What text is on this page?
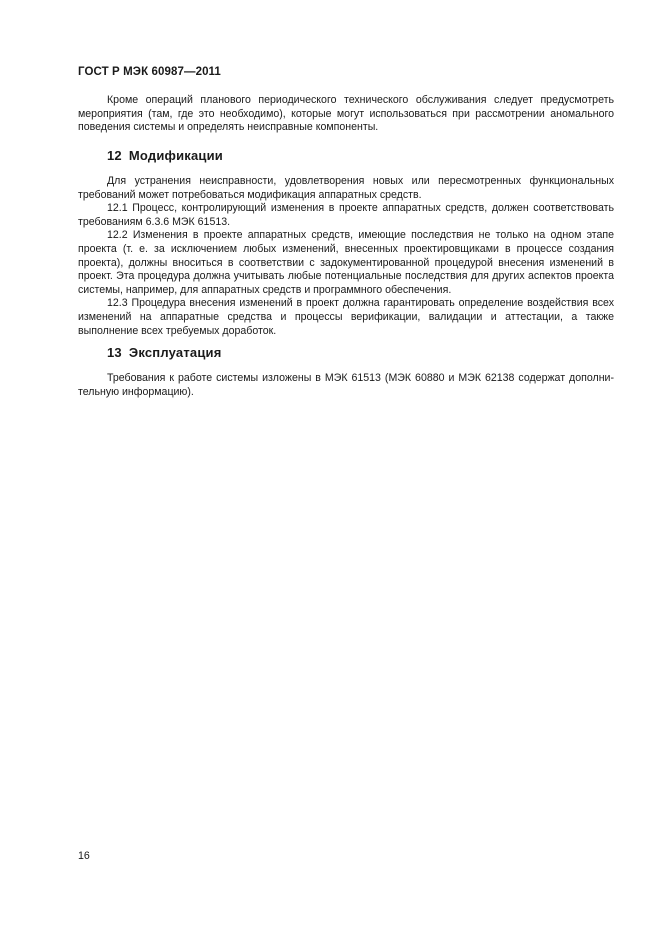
ГОСТ Р МЭК 60987—2011

Кроме операций планового периодического технического обслуживания следует предусмотреть мероприятия (там, где это необходимо), которые могут использоваться при рассмотрении аномального поведения системы и определять неисправные компоненты.

12 Модификации

Для устранения неисправности, удовлетворения новых или пересмотренных функциональных требований может потребоваться модификация аппаратных средств.

12.1 Процесс, контролирующий изменения в проекте аппаратных средств, должен соответствовать требованиям 6.3.6 МЭК 61513.

12.2 Изменения в проекте аппаратных средств, имеющие последствия не только на одном этапе проекта (т. е. за исключением любых изменений, внесенных проектировщиками в процессе создания проекта), должны вноситься в соответствии с задокументированной процедурой внесения изменений в проект. Эта процедура должна учитывать любые потенциальные последствия для других аспектов проекта системы, например, для аппаратных средств и программного обеспечения.

12.3 Процедура внесения изменений в проект должна гарантировать определение воздействия всех изменений на аппаратные средства и процессы верификации, валидации и аттестации, а также выполнение всех требуемых доработок.

13 Эксплуатация

Требования к работе системы изложены в МЭК 61513 (МЭК 60880 и МЭК 62138 содержат дополнительную информацию).

16
